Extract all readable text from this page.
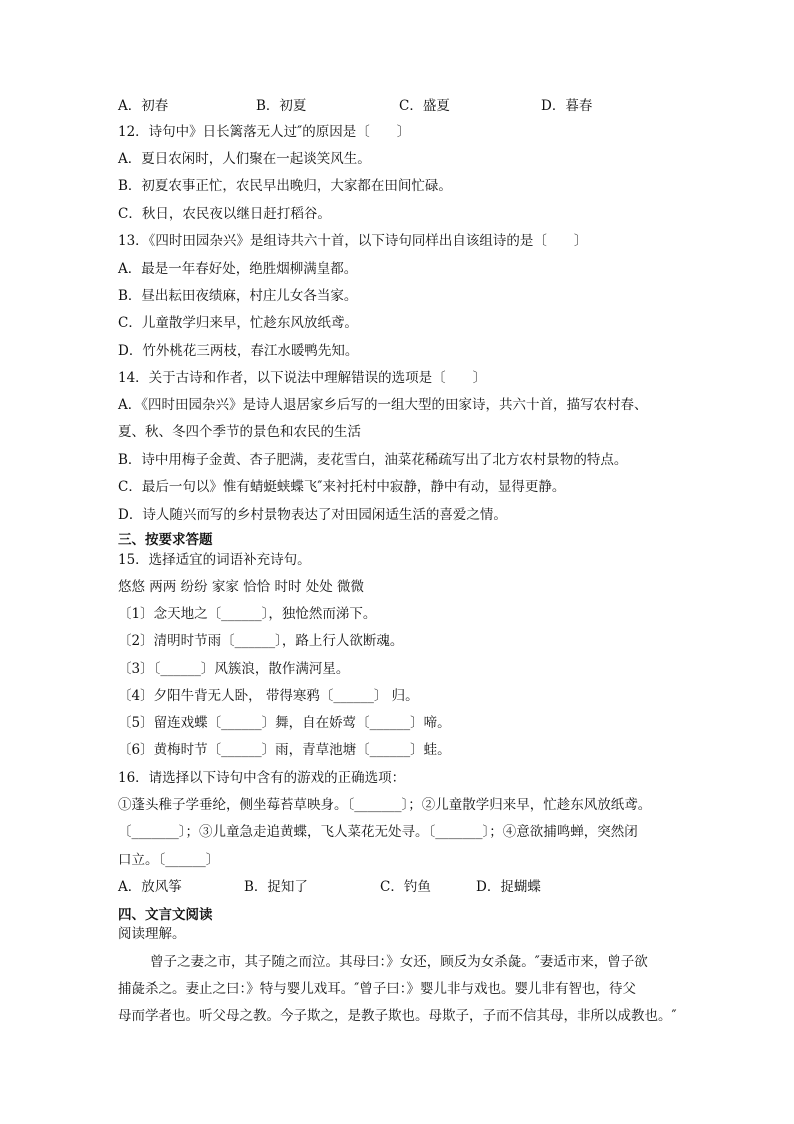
A．初春	B．初夏	C．盛夏	D．暮春
12．诗句中》日长篱落无人过″的原因是〔　　〕
A．夏日农闲时，人们聚在一起谈笑风生。
B．初夏农事正忙，农民早出晚归，大家都在田间忙碌。
C．秋日，农民夜以继日赶打稻谷。
13．《四时田园杂兴》是组诗共六十首，以下诗句同样出自该组诗的是〔　　〕
A．最是一年春好处，绝胜烟柳满皇都。
B．昼出耘田夜绩麻，村庄儿女各当家。
C．儿童散学归来早，忙趁东风放纸鸢。
D．竹外桃花三两枝，春江水暖鸭先知。
14．关于古诗和作者，以下说法中理解错误的选项是〔　　〕
A．《四时田园杂兴》是诗人退居家乡后写的一组大型的田家诗，共六十首，描写农村春、
夏、秋、冬四个季节的景色和农民的生活
B．诗中用梅子金黄、杏子肥满，麦花雪白，油菜花稀疏写出了北方农村景物的特点。
C．最后一句以》惟有蜻蜓蛱蝶飞″来衬托村中寂静，静中有动，显得更静。
D．诗人随兴而写的乡村景物表达了对田园闲适生活的喜爱之情。
三、按要求答题
15．选择适宜的词语补充诗句。
悠悠 两两 纷纷 家家 恰恰 时时 处处 微微
〔1〕念天地之〔______〕，独怆然而涕下。
〔2〕清明时节雨〔______〕，路上行人欲断魂。
〔3〕〔______〕风簇浪，散作满河星。
〔4〕夕阳牛背无人卧， 带得寒鸦〔______〕 归。
〔5〕留连戏蝶〔______〕舞，自在娇莺〔______〕啼。
〔6〕黄梅时节〔______〕雨，青草池塘〔______〕蛙。
16．请选择以下诗句中含有的游戏的正确选项：
①蓬头稚子学垂纶，侧坐莓苔草映身。〔_______〕；②儿童散学归来早，忙趁东风放纸鸢。
〔_______〕；③儿童急走追黄蝶，飞人菜花无处寻。〔_______〕；④意欲捕鸣蝉，突然闭
口立。〔______〕
A．放风筝	B．捉知了	C．钓鱼	D．捉蝴蝶
四、文言文阅读
阅读理解。
曾子之妻之市，其子随之而泣。其母曰：》女还，顾反为女杀彘。″妻适市来，曾子欲
捕彘杀之。妻止之曰：》特与婴儿戏耳。″曾子曰：》婴儿非与戏也。婴儿非有智也，待父
母而学者也。听父母之教。今子欺之，是教子欺也。母欺子，子而不信其母，非所以成教也。″
